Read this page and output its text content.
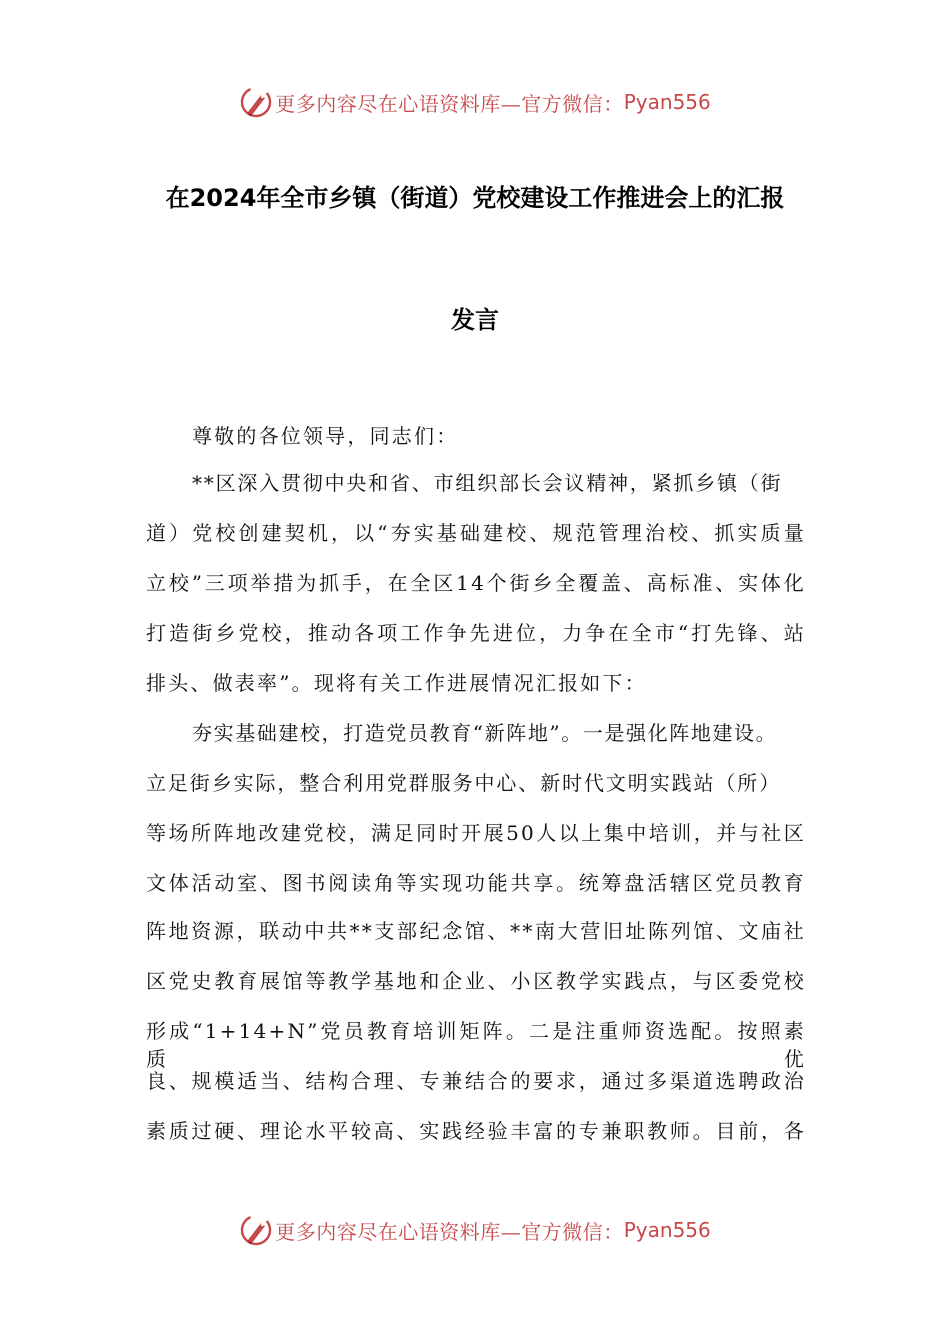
更多内容尽在心语资料库—官方微信： Pyan556
在2024年全市乡镇（街道）党校建设工作推进会上的汇报
发言
尊敬的各位领导，同志们：
**区深入贯彻中央和省、市组织部长会议精神，紧抓乡镇（街
道）党校创建契机，以“夯实基础建校、规范管理治校、抓实质量
立校”三项举措为抓手，在全区14个街乡全覆盖、高标准、实体化
打造街乡党校，推动各项工作争先进位，力争在全市“打先锋、站
排头、做表率”。现将有关工作进展情况汇报如下：
夯实基础建校，打造党员教育“新阵地”。一是强化阵地建设。
立足街乡实际，整合利用党群服务中心、新时代文明实践站（所）
等场所阵地改建党校，满足同时开展50人以上集中培训，并与社区
文体活动室、图书阅读角等实现功能共享。统筹盘活辖区党员教育
阵地资源，联动中共**支部纪念馆、**南大营旧址陈列馆、文庙社
区党史教育展馆等教学基地和企业、小区教学实践点，与区委党校
形成“1+14+N”党员教育培训矩阵。二是注重师资选配。按照素质优
良、规模适当、结构合理、专兼结合的要求，通过多渠道选聘政治
素质过硬、理论水平较高、实践经验丰富的专兼职教师。目前，各
更多内容尽在心语资料库—官方微信： Pyan556
